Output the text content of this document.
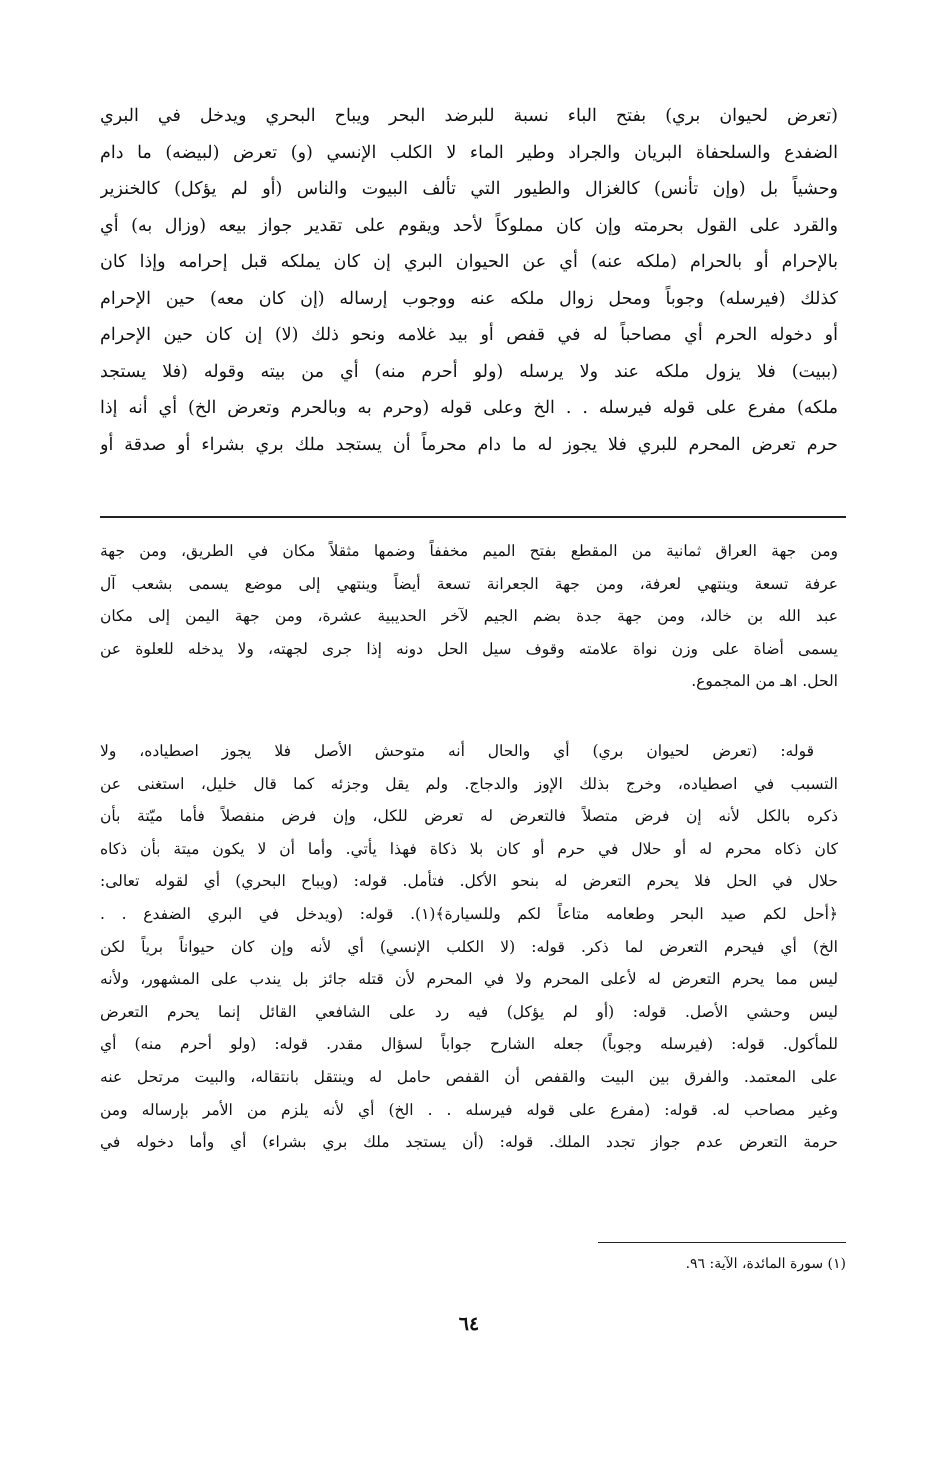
(تعرض لحيوان بري) بفتح الباء نسبة للبرضد البحر ويباح البحري ويدخل في البري
الضفدع والسلحفاة البريان والجراد وطير الماء لا الكلب الإنسي (و) تعرض (لبيضه) ما دام
وحشياً بل (وإن تأنس) كالغزال والطيور التي تألف البيوت والناس (أو لم يؤكل) كالخنزير
والقرد على القول بحرمته وإن كان مملوكاً لأحد ويقوم على تقدير جواز بيعه (وزال به) أي
بالإحرام أو بالحرام (ملكه عنه) أي عن الحيوان البري إن كان يملكه قبل إحرامه وإذا كان
كذلك (فيرسله) وجوباً ومحل زوال ملكه عنه ووجوب إرساله (إن كان معه) حين الإحرام
أو دخوله الحرم أي مصاحباً له في قفص أو بيد غلامه ونحو ذلك (لا) إن كان حين الإحرام
(ببيت) فلا يزول ملكه عند ولا يرسله (ولو أحرم منه) أي من بيته وقوله (فلا يستجد
ملكه) مفرع على قوله فيرسله . . الخ وعلى قوله (وحرم به وبالحرم وتعرض الخ) أي أنه إذا
حرم تعرض المحرم للبري فلا يجوز له ما دام محرماً أن يستجد ملك بري بشراء أو صدقة أو
ومن جهة العراق ثمانية من المقطع بفتح الميم مخففاً وضمها مثقلاً مكان في الطريق، ومن جهة
عرفة تسعة وينتهي لعرفة، ومن جهة الجعرانة تسعة أيضاً وينتهي إلى موضع يسمى بشعب آل
عبد الله بن خالد، ومن جهة جدة بضم الجيم لآخر الحديبية عشرة، ومن جهة اليمن إلى مكان
يسمى أضاة على وزن نواة علامته وقوف سيل الحل دونه إذا جرى لجهته، ولا يدخله للعلوة عن
الحل. اهـ من المجموع.
قوله: (تعرض لحيوان بري) أي والحال أنه متوحش الأصل فلا يجوز اصطياده، ولا
التسبب في اصطياده، وخرج بذلك الإوز والدجاج. ولم يقل وجزئه كما قال خليل، استغنى عن
ذكره بالكل لأنه إن فرض متصلاً فالتعرض له تعرض للكل، وإن فرض منفصلاً فأما ميّتة بأن
كان ذكاه محرم له أو حلال في حرم أو كان بلا ذكاة فهذا يأتي. وأما أن لا يكون ميتة بأن ذكاه
حلال في الحل فلا يحرم التعرض له بنحو الأكل. فتأمل. قوله: (ويباح البحري) أي لقوله تعالى:
﴿أحل لكم صيد البحر وطعامه متاعاً لكم وللسيارة﴾(١). قوله: (ويدخل في البري الضفدع . .
الخ) أي فيحرم التعرض لما ذكر. قوله: (لا الكلب الإنسي) أي لأنه وإن كان حيواناً برياً لكن
ليس مما يحرم التعرض له لأعلى المحرم ولا في المحرم لأن قتله جائز بل يندب على المشهور، ولأنه
ليس وحشي الأصل. قوله: (أو لم يؤكل) فيه رد على الشافعي القائل إنما يحرم التعرض
للمأكول. قوله: (فيرسله وجوباً) جعله الشارح جواباً لسؤال مقدر. قوله: (ولو أحرم منه) أي
على المعتمد. والفرق بين البيت والقفص أن القفص حامل له وينتقل بانتقاله، والبيت مرتحل عنه
وغير مصاحب له. قوله: (مفرع على قوله فيرسله . . الخ) أي لأنه يلزم من الأمر بإرساله ومن
حرمة التعرض عدم جواز تجدد الملك. قوله: (أن يستجد ملك بري بشراء) أي وأما دخوله في
(١) سورة المائدة، الآية: ٩٦.
٦٤
